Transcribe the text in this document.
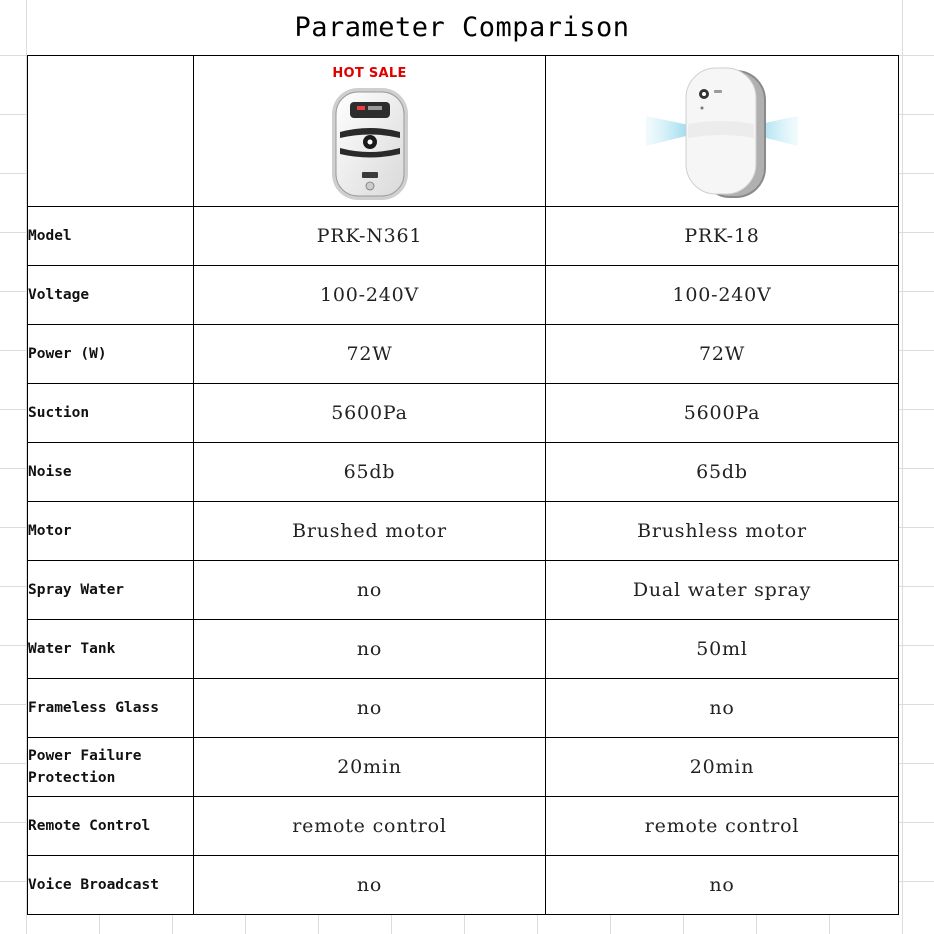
Parameter Comparison

	HOT SALE

Model	PRK-N361	PRK-18
Voltage	100-240V	100-240V
Power (W)	72W	72W
Suction	5600Pa	5600Pa
Noise	65db	65db
Motor	Brushed motor	Brushless motor
Spray Water	no	Dual water spray
Water Tank	no	50ml
Frameless Glass	no	no
Power Failure Protection	20min	20min
Remote Control	remote control	remote control
Voice Broadcast	no	no
